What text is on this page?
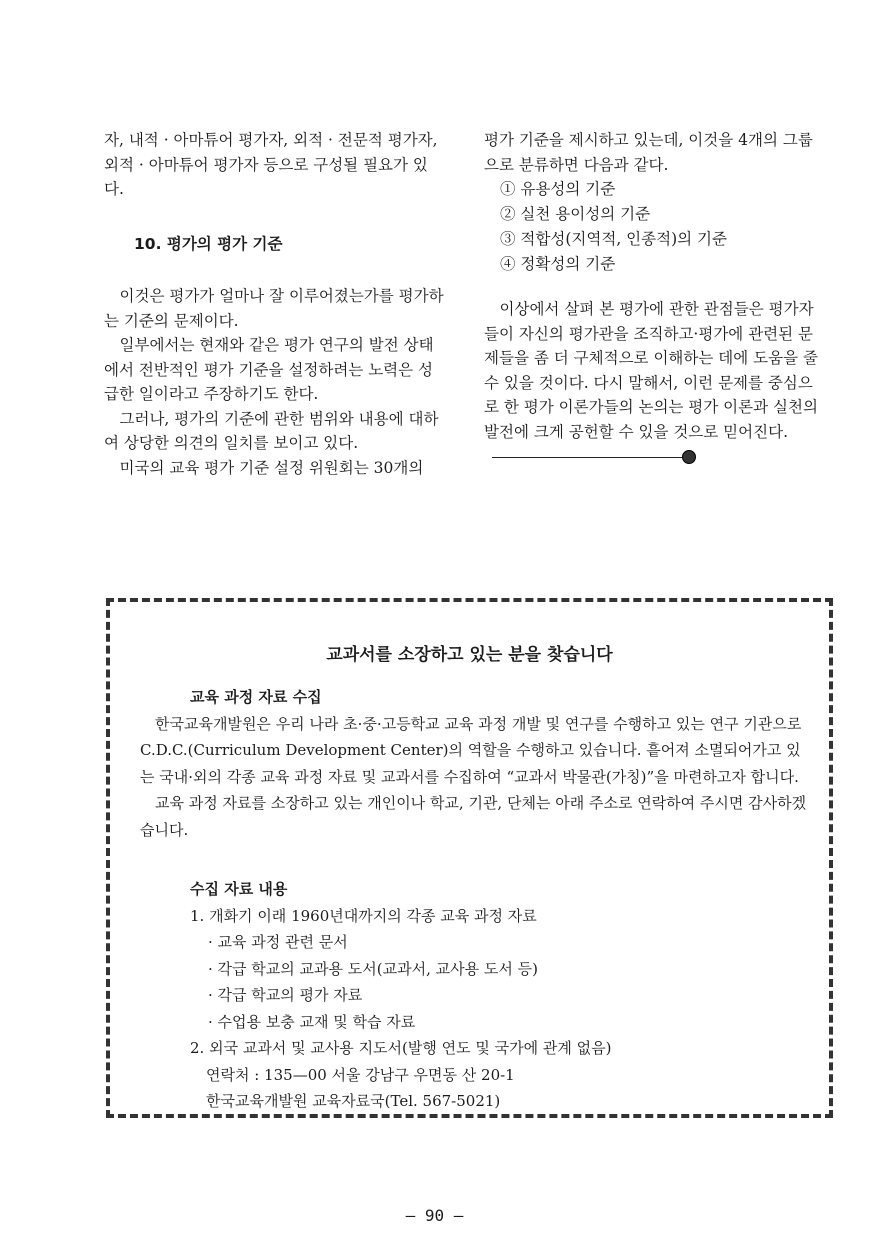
자, 내적 · 아마튜어 평가자, 외적 · 전문적 평가자, 외적 · 아마튜어 평가자 등으로 구성될 필요가 있다.

10. 평가의 평가 기준

이것은 평가가 얼마나 잘 이루어졌는가를 평가하는 기준의 문제이다.

일부에서는 현재와 같은 평가 연구의 발전 상태에서 전반적인 평가 기준을 설정하려는 노력은 성급한 일이라고 주장하기도 한다.

그러나, 평가의 기준에 관한 범위와 내용에 대하여 상당한 의견의 일치를 보이고 있다.

미국의 교육 평가 기준 설정 위원회는 30개의

평가 기준을 제시하고 있는데, 이것을 4개의 그룹으로 분류하면 다음과 같다.

① 유용성의 기준
② 실천 용이성의 기준
③ 적합성(지역적, 인종적)의 기준
④ 정확성의 기준

이상에서 살펴 본 평가에 관한 관점들은 평가자들이 자신의 평가관을 조직하고·평가에 관련된 문제들을 좀 더 구체적으로 이해하는 데에 도움을 줄 수 있을 것이다. 다시 말해서, 이런 문제를 중심으로 한 평가 이론가들의 논의는 평가 이론과 실천의 발전에 크게 공헌할 수 있을 것으로 믿어진다.

교과서를 소장하고 있는 분을 찾습니다
교육 과정 자료 수집

한국교육개발원은 우리 나라 초·중·고등학교 교육 과정 개발 및 연구를 수행하고 있는 연구 기관으로 C.D.C.(Curriculum Development Center)의 역할을 수행하고 있습니다. 흩어져 소멸되어가고 있는 국내·외의 각종 교육 과정 자료 및 교과서를 수집하여 “교과서 박물관(가칭)”을 마련하고자 합니다.

교육 과정 자료를 소장하고 있는 개인이나 학교, 기관, 단체는 아래 주소로 연락하여 주시면 감사하겠습니다.

수집 자료 내용
1. 개화기 이래 1960년대까지의 각종 교육 과정 자료
· 교육 과정 관련 문서
· 각급 학교의 교과용 도서(교과서, 교사용 도서 등)
· 각급 학교의 평가 자료
· 수업용 보충 교재 및 학습 자료
2. 외국 교과서 및 교사용 지도서(발행 연도 및 국가에 관계 없음)
연락처 : 135—00 서울 강남구 우면동 산 20-1
한국교육개발원 교육자료국(Tel. 567-5021)
— 90 —
